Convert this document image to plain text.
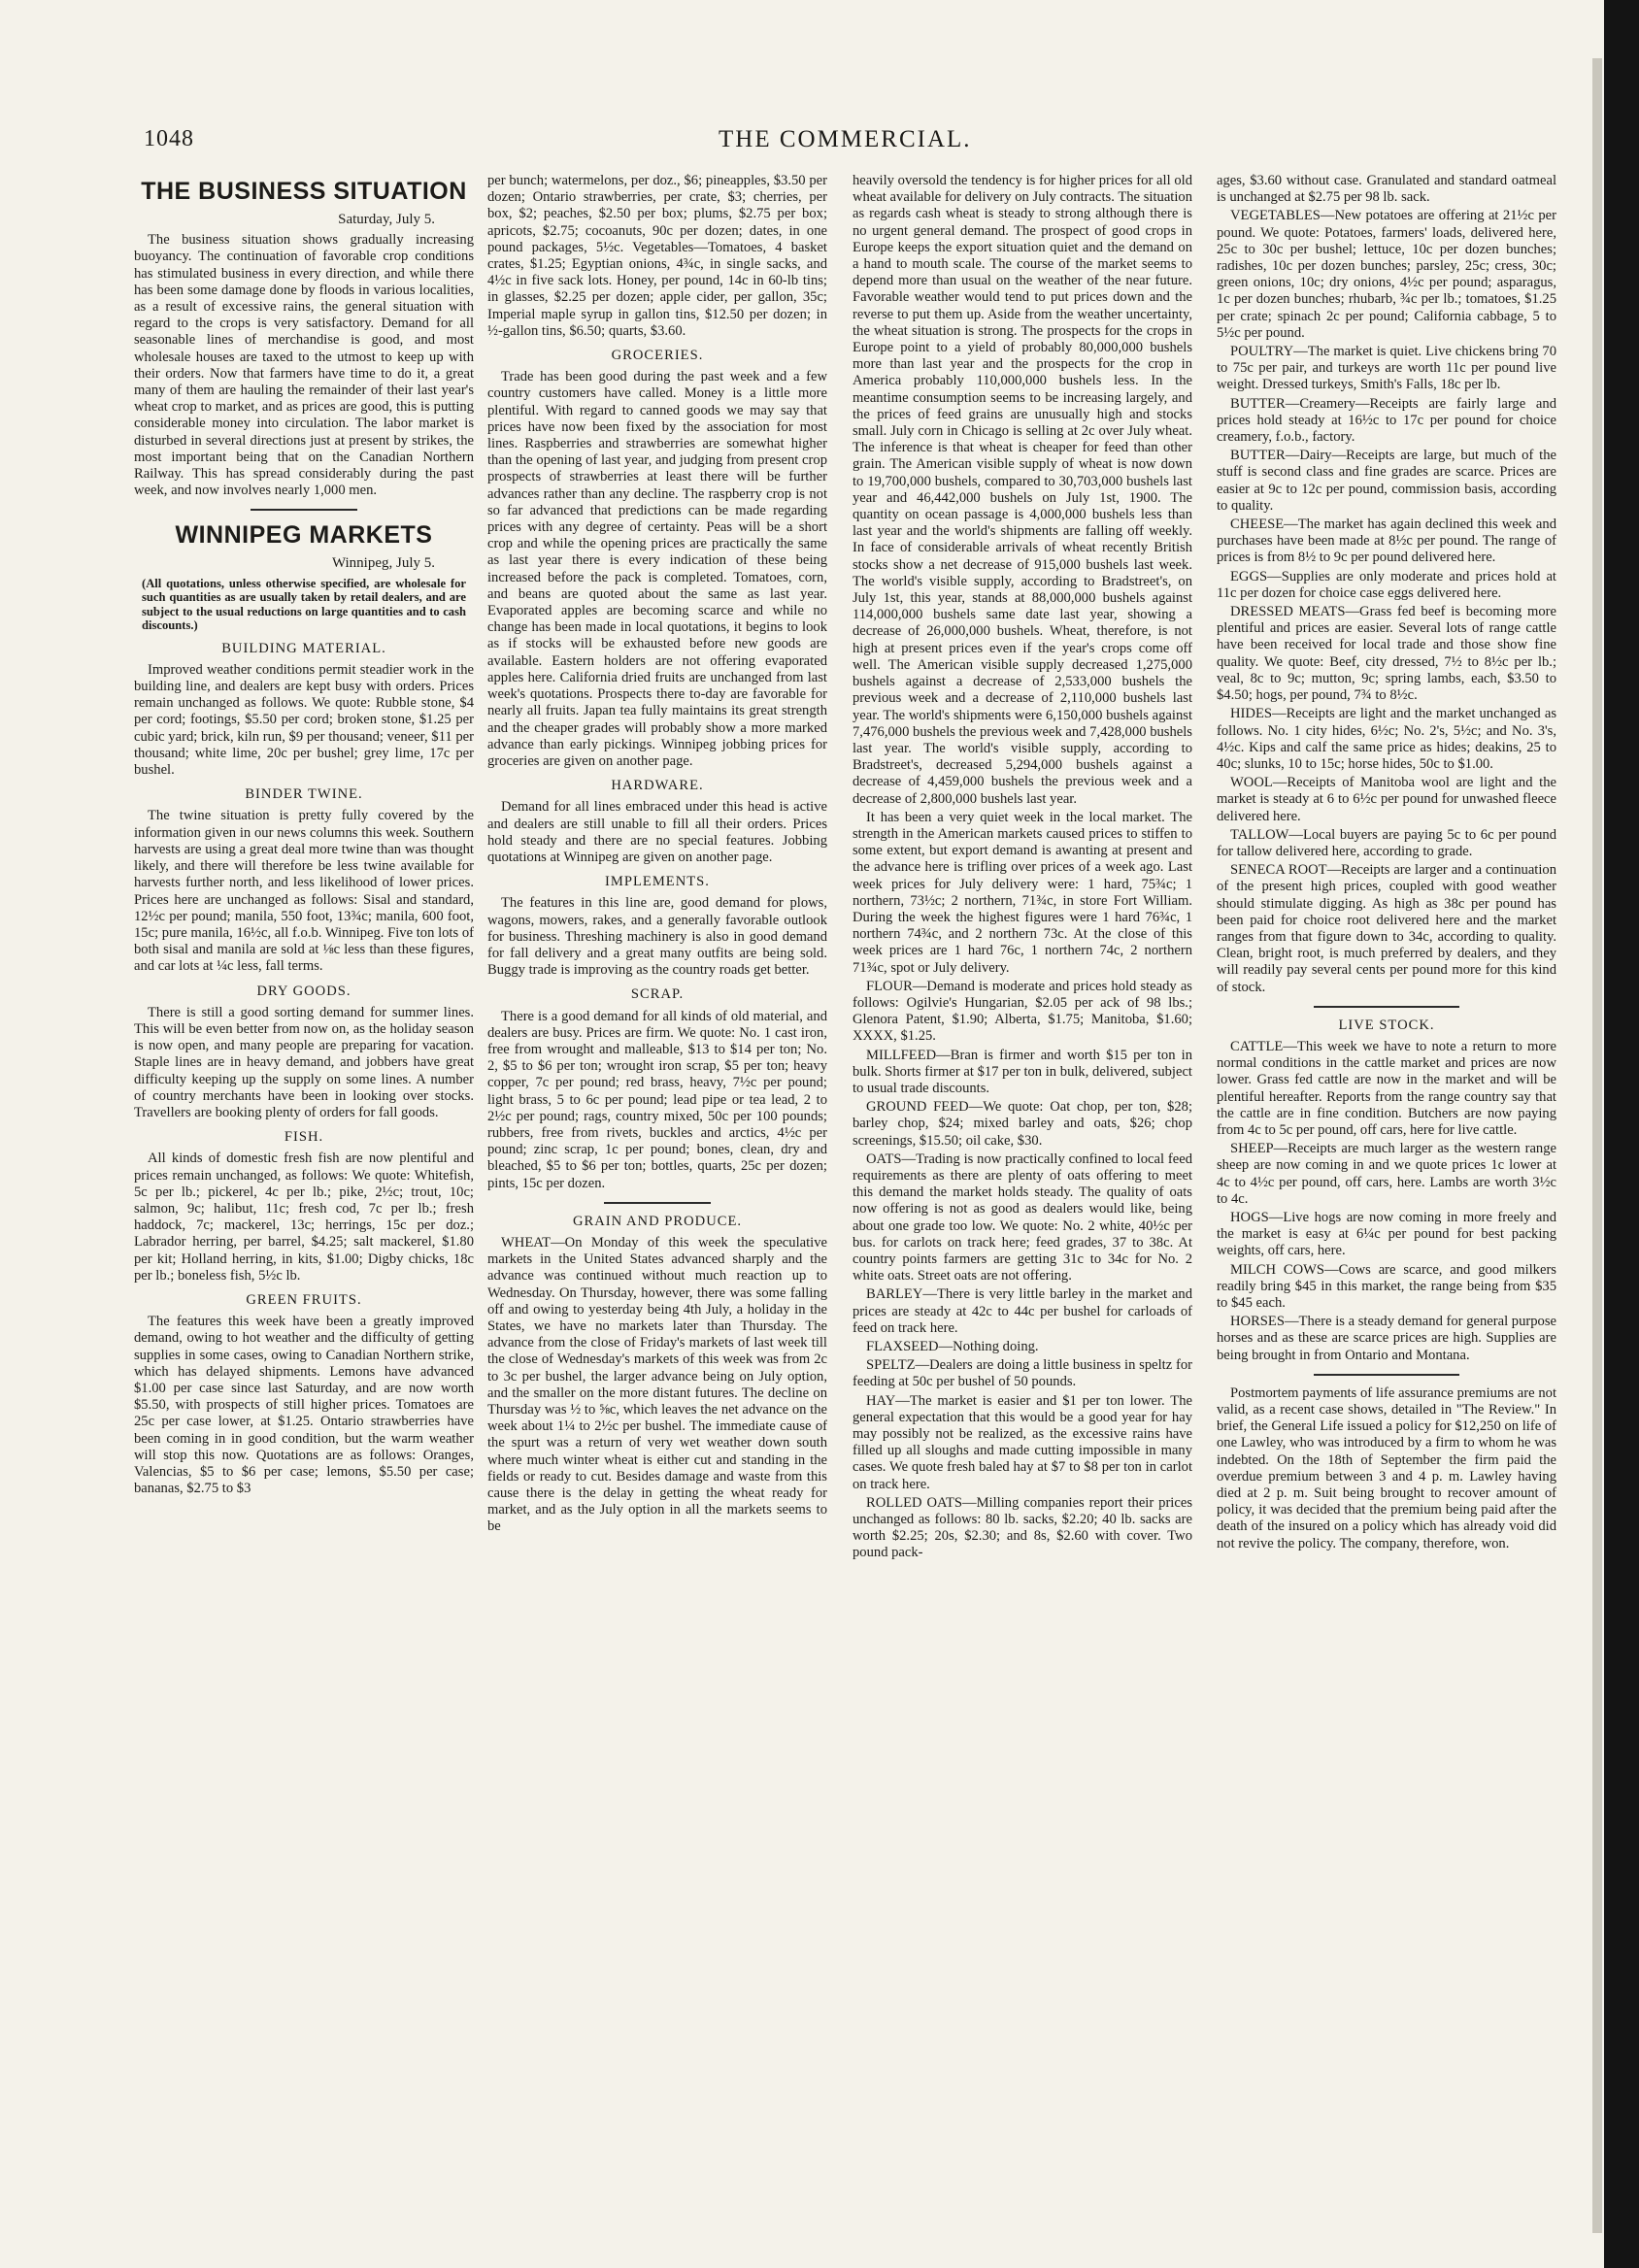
1048	THE COMMERCIAL.
THE BUSINESS SITUATION
Saturday, July 5.

The business situation shows gradually increasing buoyancy. The continuation of favorable crop conditions has stimulated business in every direction, and while there has been some damage done by floods in various localities, as a result of excessive rains, the general situation with regard to the crops is very satisfactory. Demand for all seasonable lines of merchandise is good, and most wholesale houses are taxed to the utmost to keep up with their orders. Now that farmers have time to do it, a great many of them are hauling the remainder of their last year's wheat crop to market, and as prices are good, this is putting considerable money into circulation. The labor market is disturbed in several directions just at present by strikes, the most important being that on the Canadian Northern Railway. This has spread considerably during the past week, and now involves nearly 1,000 men.

WINNIPEG MARKETS
Winnipeg, July 5.
(All quotations, unless otherwise specified, are wholesale for such quantities as are usually taken by retail dealers, and are subject to the usual reductions on large quantities and to cash discounts.)
BUILDING MATERIAL.

Improved weather conditions permit steadier work in the building line, and dealers are kept busy with orders. Prices remain unchanged as follows. We quote: Rubble stone, $4 per cord; footings, $5.50 per cord; broken stone, $1.25 per cubic yard; brick, kiln run, $9 per thousand; veneer, $11 per thousand; white lime, 20c per bushel; grey lime, 17c per bushel.

BINDER TWINE.

The twine situation is pretty fully covered by the information given in our news columns this week. Southern harvests are using a great deal more twine than was thought likely, and there will therefore be less twine available for harvests further north, and less likelihood of lower prices. Prices here are unchanged as follows: Sisal and standard, 12½c per pound; manila, 550 foot, 13¾c; manila, 600 foot, 15c; pure manila, 16½c, all f.o.b. Winnipeg. Five ton lots of both sisal and manila are sold at ⅛c less than these figures, and car lots at ¼c less, fall terms.

DRY GOODS.

There is still a good sorting demand for summer lines. This will be even better from now on, as the holiday season is now open, and many people are preparing for vacation. Staple lines are in heavy demand, and jobbers have great difficulty keeping up the supply on some lines. A number of country merchants have been in looking over stocks. Travellers are booking plenty of orders for fall goods.

FISH.

All kinds of domestic fresh fish are now plentiful and prices remain unchanged, as follows: We quote: Whitefish, 5c per lb.; pickerel, 4c per lb.; pike, 2½c; trout, 10c; salmon, 9c; halibut, 11c; fresh cod, 7c per lb.; fresh haddock, 7c; mackerel, 13c; herrings, 15c per doz.; Labrador herring, per barrel, $4.25; salt mackerel, $1.80 per kit; Holland herring, in kits, $1.00; Digby chicks, 18c per lb.; boneless fish, 5½c lb.

GREEN FRUITS.

The features this week have been a greatly improved demand, owing to hot weather and the difficulty of getting supplies in some cases, owing to Canadian Northern strike, which has delayed shipments. Lemons have advanced $1.00 per case since last Saturday, and are now worth $5.50, with prospects of still higher prices. Tomatoes are 25c per case lower, at $1.25. Ontario strawberries have been coming in in good condition, but the warm weather will stop this now. Quotations are as follows: Oranges, Valencias, $5 to $6 per case; lemons, $5.50 per case; bananas, $2.75 to $3

per bunch; watermelons, per doz., $6; pineapples, $3.50 per dozen; Ontario strawberries, per crate, $3; cherries, per box, $2; peaches, $2.50 per box; plums, $2.75 per box; apricots, $2.75; cocoanuts, 90c per dozen; dates, in one pound packages, 5½c. Vegetables—Tomatoes, 4 basket crates, $1.25; Egyptian onions, 4¾c, in single sacks, and 4½c in five sack lots. Honey, per pound, 14c in 60-lb tins; in glasses, $2.25 per dozen; apple cider, per gallon, 35c; Imperial maple syrup in gallon tins, $12.50 per dozen; in ½-gallon tins, $6.50; quarts, $3.60.

GROCERIES.

Trade has been good during the past week and a few country customers have called. Money is a little more plentiful. With regard to canned goods we may say that prices have now been fixed by the association for most lines. Raspberries and strawberries are somewhat higher than the opening of last year, and judging from present crop prospects of strawberries at least there will be further advances rather than any decline. The raspberry crop is not so far advanced that predictions can be made regarding prices with any degree of certainty. Peas will be a short crop and while the opening prices are practically the same as last year there is every indication of these being increased before the pack is completed. Tomatoes, corn, and beans are quoted about the same as last year. Evaporated apples are becoming scarce and while no change has been made in local quotations, it begins to look as if stocks will be exhausted before new goods are available. Eastern holders are not offering evaporated apples here. California dried fruits are unchanged from last week's quotations. Prospects there to-day are favorable for nearly all fruits. Japan tea fully maintains its great strength and the cheaper grades will probably show a more marked advance than early pickings. Winnipeg jobbing prices for groceries are given on another page.

HARDWARE.

Demand for all lines embraced under this head is active and dealers are still unable to fill all their orders. Prices hold steady and there are no special features. Jobbing quotations at Winnipeg are given on another page.

IMPLEMENTS.

The features in this line are, good demand for plows, wagons, mowers, rakes, and a generally favorable outlook for business. Threshing machinery is also in good demand for fall delivery and a great many outfits are being sold. Buggy trade is improving as the country roads get better.

SCRAP.

There is a good demand for all kinds of old material, and dealers are busy. Prices are firm. We quote: No. 1 cast iron, free from wrought and malleable, $13 to $14 per ton; No. 2, $5 to $6 per ton; wrought iron scrap, $5 per ton; heavy copper, 7c per pound; red brass, heavy, 7½c per pound; light brass, 5 to 6c per pound; lead pipe or tea lead, 2 to 2½c per pound; rags, country mixed, 50c per 100 pounds; rubbers, free from rivets, buckles and arctics, 4½c per pound; zinc scrap, 1c per pound; bones, clean, dry and bleached, $5 to $6 per ton; bottles, quarts, 25c per dozen; pints, 15c per dozen.

GRAIN AND PRODUCE.

WHEAT—On Monday of this week the speculative markets in the United States advanced sharply and the advance was continued without much reaction up to Wednesday. On Thursday, however, there was some falling off and owing to yesterday being 4th July, a holiday in the States, we have no markets later than Thursday. The advance from the close of Friday's markets of last week till the close of Wednesday's markets of this week was from 2c to 3c per bushel, the larger advance being on July option, and the smaller on the more distant futures. The decline on Thursday was ½ to ⅝c, which leaves the net advance on the week about 1¼ to 2½c per bushel. The immediate cause of the spurt was a return of very wet weather down south where much winter wheat is either cut and standing in the fields or ready to cut. Besides damage and waste from this cause there is the delay in getting the wheat ready for market, and as the July option in all the markets seems to be

heavily oversold the tendency is for higher prices for all old wheat available for delivery on July contracts. The situation as regards cash wheat is steady to strong although there is no urgent general demand. The prospect of good crops in Europe keeps the export situation quiet and the demand on a hand to mouth scale. The course of the market seems to depend more than usual on the weather of the near future. Favorable weather would tend to put prices down and the reverse to put them up. Aside from the weather uncertainty, the wheat situation is strong. The prospects for the crops in Europe point to a yield of probably 80,000,000 bushels more than last year and the prospects for the crop in America probably 110,000,000 bushels less. In the meantime consumption seems to be increasing largely, and the prices of feed grains are unusually high and stocks small. July corn in Chicago is selling at 2c over July wheat. The inference is that wheat is cheaper for feed than other grain. The American visible supply of wheat is now down to 19,700,000 bushels, compared to 30,703,000 bushels last year and 46,442,000 bushels on July 1st, 1900. The quantity on ocean passage is 4,000,000 bushels less than last year and the world's shipments are falling off weekly. In face of considerable arrivals of wheat recently British stocks show a net decrease of 915,000 bushels last week. The world's visible supply, according to Bradstreet's, on July 1st, this year, stands at 88,000,000 bushels against 114,000,000 bushels same date last year, showing a decrease of 26,000,000 bushels. Wheat, therefore, is not high at present prices even if the year's crops come off well. The American visible supply decreased 1,275,000 bushels against a decrease of 2,533,000 bushels the previous week and a decrease of 2,110,000 bushels last year. The world's shipments were 6,150,000 bushels against 7,476,000 bushels the previous week and 7,428,000 bushels last year. The world's visible supply, according to Bradstreet's, decreased 5,294,000 bushels against a decrease of 4,459,000 bushels the previous week and a decrease of 2,800,000 bushels last year.

It has been a very quiet week in the local market. The strength in the American markets caused prices to stiffen to some extent, but export demand is awanting at present and the advance here is trifling over prices of a week ago. Last week prices for July delivery were: 1 hard, 75¾c; 1 northern, 73½c; 2 northern, 71¾c, in store Fort William. During the week the highest figures were 1 hard 76¾c, 1 northern 74¾c, and 2 northern 73c. At the close of this week prices are 1 hard 76c, 1 northern 74c, 2 northern 71¾c, spot or July delivery.

FLOUR—Demand is moderate and prices hold steady as follows: Ogilvie's Hungarian, $2.05 per ack of 98 lbs.; Glenora Patent, $1.90; Alberta, $1.75; Manitoba, $1.60; XXXX, $1.25.

MILLFEED—Bran is firmer and worth $15 per ton in bulk. Shorts firmer at $17 per ton in bulk, delivered, subject to usual trade discounts.

GROUND FEED—We quote: Oat chop, per ton, $28; barley chop, $24; mixed barley and oats, $26; chop screenings, $15.50; oil cake, $30.

OATS—Trading is now practically confined to local feed requirements as there are plenty of oats offering to meet this demand the market holds steady. The quality of oats now offering is not as good as dealers would like, being about one grade too low. We quote: No. 2 white, 40½c per bus. for carlots on track here; feed grades, 37 to 38c. At country points farmers are getting 31c to 34c for No. 2 white oats. Street oats are not offering.

BARLEY—There is very little barley in the market and prices are steady at 42c to 44c per bushel for carloads of feed on track here.

FLAXSEED—Nothing doing.

SPELTZ—Dealers are doing a little business in speltz for feeding at 50c per bushel of 50 pounds.

HAY—The market is easier and $1 per ton lower. The general expectation that this would be a good year for hay may possibly not be realized, as the excessive rains have filled up all sloughs and made cutting impossible in many cases. We quote fresh baled hay at $7 to $8 per ton in carlot on track here.

ROLLED OATS—Milling companies report their prices unchanged as follows: 80 lb. sacks, $2.20; 40 lb. sacks are worth $2.25; 20s, $2.30; and 8s, $2.60 with cover. Two pound pack-

ages, $3.60 without case. Granulated and standard oatmeal is unchanged at $2.75 per 98 lb. sack.

VEGETABLES—New potatoes are offering at 21½c per pound. We quote: Potatoes, farmers' loads, delivered here, 25c to 30c per bushel; lettuce, 10c per dozen bunches; radishes, 10c per dozen bunches; parsley, 25c; cress, 30c; green onions, 10c; dry onions, 4½c per pound; asparagus, 1c per dozen bunches; rhubarb, ¾c per lb.; tomatoes, $1.25 per crate; spinach 2c per pound; California cabbage, 5 to 5½c per pound.

POULTRY—The market is quiet. Live chickens bring 70 to 75c per pair, and turkeys are worth 11c per pound live weight. Dressed turkeys, Smith's Falls, 18c per lb.

BUTTER—Creamery—Receipts are fairly large and prices hold steady at 16½c to 17c per pound for choice creamery, f.o.b., factory.

BUTTER—Dairy—Receipts are large, but much of the stuff is second class and fine grades are scarce. Prices are easier at 9c to 12c per pound, commission basis, according to quality.

CHEESE—The market has again declined this week and purchases have been made at 8½c per pound. The range of prices is from 8½ to 9c per pound delivered here.

EGGS—Supplies are only moderate and prices hold at 11c per dozen for choice case eggs delivered here.

DRESSED MEATS—Grass fed beef is becoming more plentiful and prices are easier. Several lots of range cattle have been received for local trade and those show fine quality. We quote: Beef, city dressed, 7½ to 8½c per lb.; veal, 8c to 9c; mutton, 9c; spring lambs, each, $3.50 to $4.50; hogs, per pound, 7¾ to 8½c.

HIDES—Receipts are light and the market unchanged as follows. No. 1 city hides, 6½c; No. 2's, 5½c; and No. 3's, 4½c. Kips and calf the same price as hides; deakins, 25 to 40c; slunks, 10 to 15c; horse hides, 50c to $1.00.

WOOL—Receipts of Manitoba wool are light and the market is steady at 6 to 6½c per pound for unwashed fleece delivered here.

TALLOW—Local buyers are paying 5c to 6c per pound for tallow delivered here, according to grade.

SENECA ROOT—Receipts are larger and a continuation of the present high prices, coupled with good weather should stimulate digging. As high as 38c per pound has been paid for choice root delivered here and the market ranges from that figure down to 34c, according to quality. Clean, bright root, is much preferred by dealers, and they will readily pay several cents per pound more for this kind of stock.

LIVE STOCK.

CATTLE—This week we have to note a return to more normal conditions in the cattle market and prices are now lower. Grass fed cattle are now in the market and will be plentiful hereafter. Reports from the range country say that the cattle are in fine condition. Butchers are now paying from 4c to 5c per pound, off cars, here for live cattle.

SHEEP—Receipts are much larger as the western range sheep are now coming in and we quote prices 1c lower at 4c to 4½c per pound, off cars, here. Lambs are worth 3½c to 4c.

HOGS—Live hogs are now coming in more freely and the market is easy at 6¼c per pound for best packing weights, off cars, here.

MILCH COWS—Cows are scarce, and good milkers readily bring $45 in this market, the range being from $35 to $45 each.

HORSES—There is a steady demand for general purpose horses and as these are scarce prices are high. Supplies are being brought in from Ontario and Montana.

Postmortem payments of life assurance premiums are not valid, as a recent case shows, detailed in "The Review." In brief, the General Life issued a policy for $12,250 on life of one Lawley, who was introduced by a firm to whom he was indebted. On the 18th of September the firm paid the overdue premium between 3 and 4 p. m. Lawley having died at 2 p. m. Suit being brought to recover amount of policy, it was decided that the premium being paid after the death of the insured on a policy which has already void did not revive the policy. The company, therefore, won.
